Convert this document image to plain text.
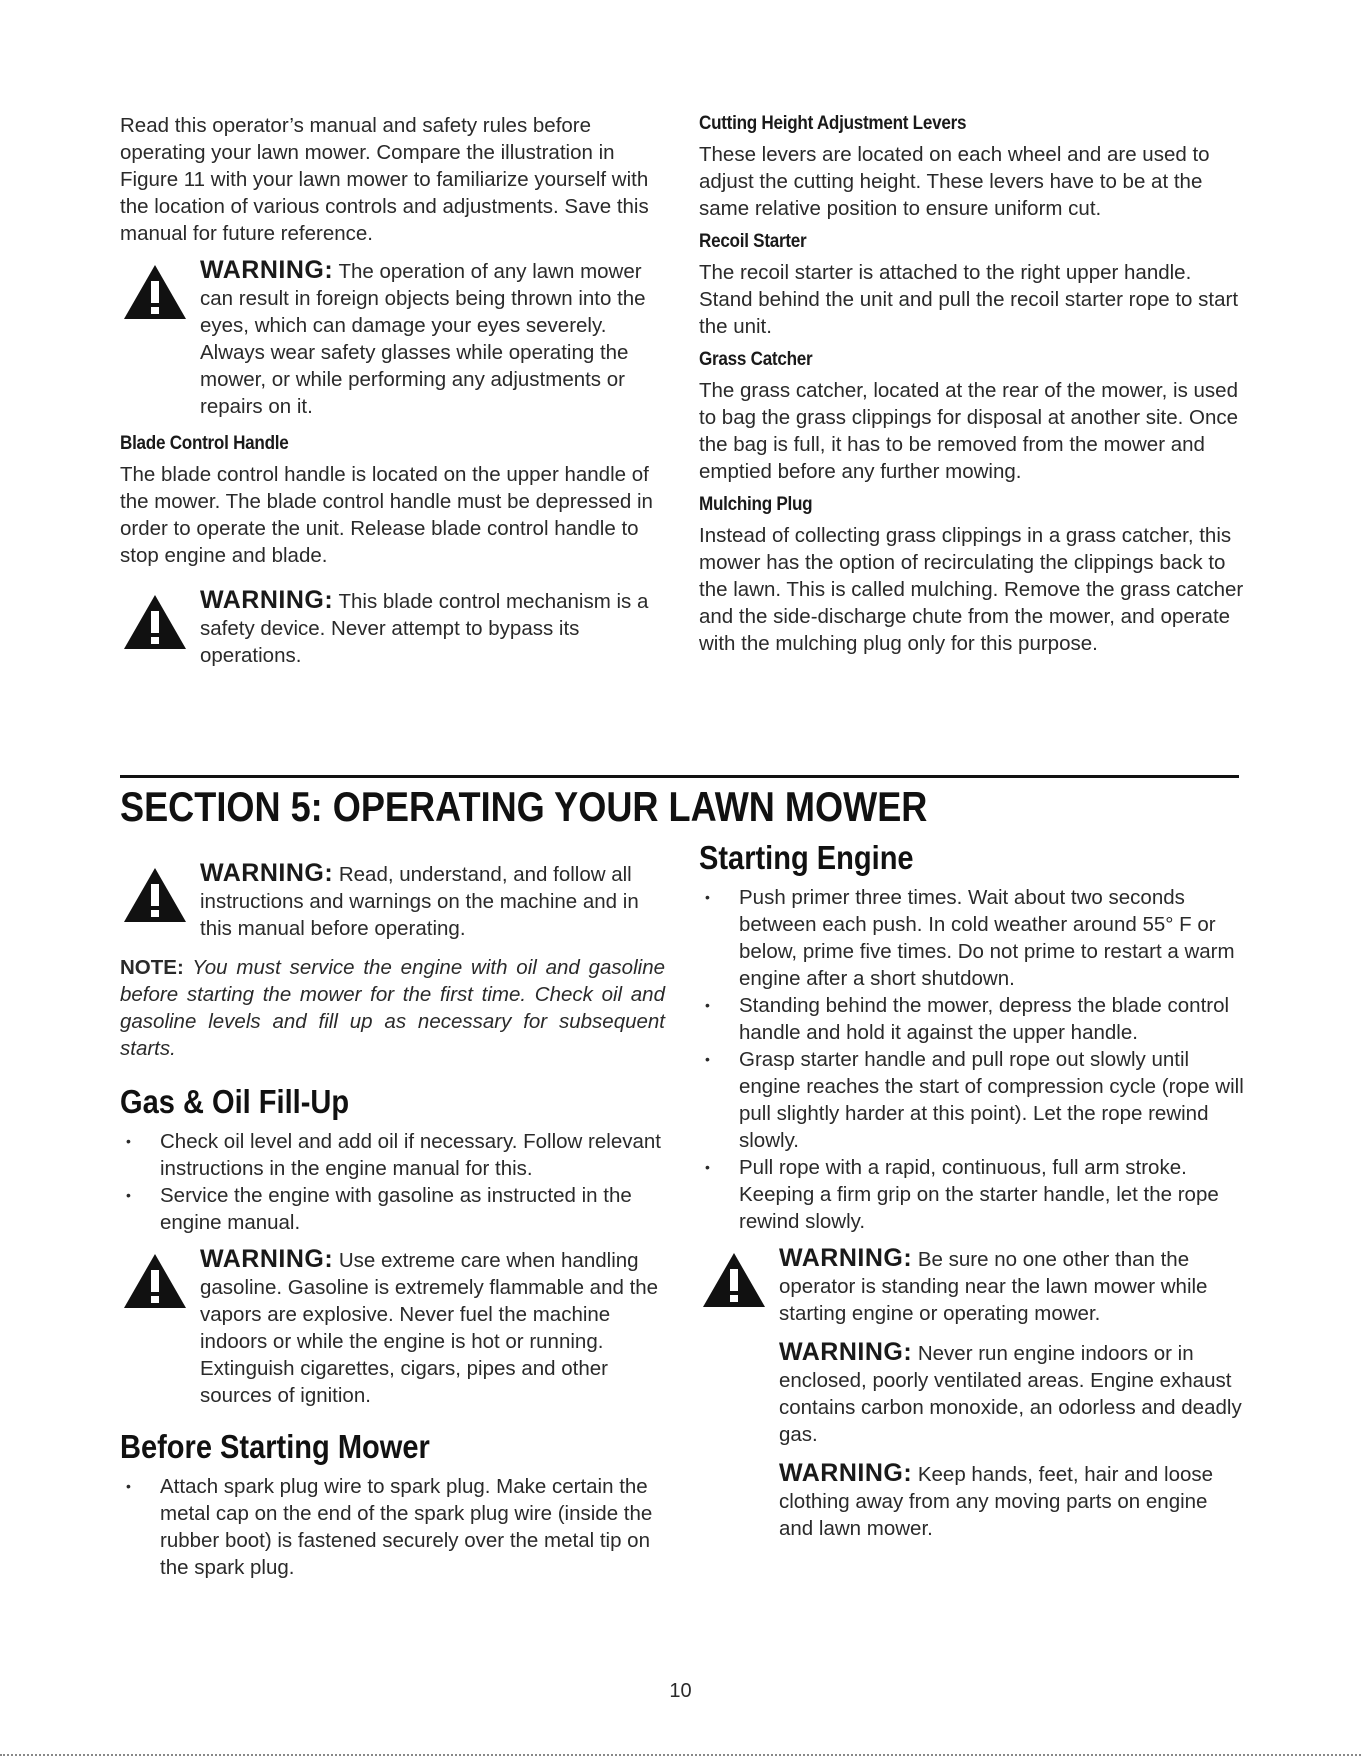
Read this operator’s manual and safety rules before operating your lawn mower. Compare the illustration in Figure 11 with your lawn mower to familiarize yourself with the location of various controls and adjustments. Save this manual for future reference.

WARNING: The operation of any lawn mower can result in foreign objects being thrown into the eyes, which can damage your eyes severely. Always wear safety glasses while operating the mower, or while performing any adjustments or repairs on it.

Blade Control Handle

The blade control handle is located on the upper handle of the mower. The blade control handle must be depressed in order to operate the unit. Release blade control handle to stop engine and blade.

WARNING: This blade control mechanism is a safety device. Never attempt to bypass its operations.

Cutting Height Adjustment Levers

These levers are located on each wheel and are used to adjust the cutting height. These levers have to be at the same relative position to ensure uniform cut.

Recoil Starter

The recoil starter is attached to the right upper handle. Stand behind the unit and pull the recoil starter rope to start the unit.

Grass Catcher

The grass catcher, located at the rear of the mower, is used to bag the grass clippings for disposal at another site. Once the bag is full, it has to be removed from the mower and emptied before any further mowing.

Mulching Plug

Instead of collecting grass clippings in a grass catcher, this mower has the option of recirculating the clippings back to the lawn. This is called mulching. Remove the grass catcher and the side-discharge chute from the mower, and operate with the mulching plug only for this purpose.

SECTION 5: OPERATING YOUR LAWN MOWER

WARNING: Read, understand, and follow all instructions and warnings on the machine and in this manual before operating.

NOTE: You must service the engine with oil and gasoline before starting the mower for the first time. Check oil and gasoline levels and fill up as necessary for subsequent starts.

Gas & Oil Fill-Up
• Check oil level and add oil if necessary. Follow relevant instructions in the engine manual for this.
• Service the engine with gasoline as instructed in the engine manual.

WARNING: Use extreme care when handling gasoline. Gasoline is extremely flammable and the vapors are explosive. Never fuel the machine indoors or while the engine is hot or running. Extinguish cigarettes, cigars, pipes and other sources of ignition.

Before Starting Mower
• Attach spark plug wire to spark plug. Make certain the metal cap on the end of the spark plug wire (inside the rubber boot) is fastened securely over the metal tip on the spark plug.
Starting Engine
• Push primer three times. Wait about two seconds between each push. In cold weather around 55° F or below, prime five times. Do not prime to restart a warm engine after a short shutdown.
• Standing behind the mower, depress the blade control handle and hold it against the upper handle.
• Grasp starter handle and pull rope out slowly until engine reaches the start of compression cycle (rope will pull slightly harder at this point). Let the rope rewind slowly.
• Pull rope with a rapid, continuous, full arm stroke. Keeping a firm grip on the starter handle, let the rope rewind slowly.

WARNING: Be sure no one other than the operator is standing near the lawn mower while starting engine or operating mower.

WARNING: Never run engine indoors or in enclosed, poorly ventilated areas. Engine exhaust contains carbon monoxide, an odorless and deadly gas.

WARNING: Keep hands, feet, hair and loose clothing away from any moving parts on engine and lawn mower.

10
